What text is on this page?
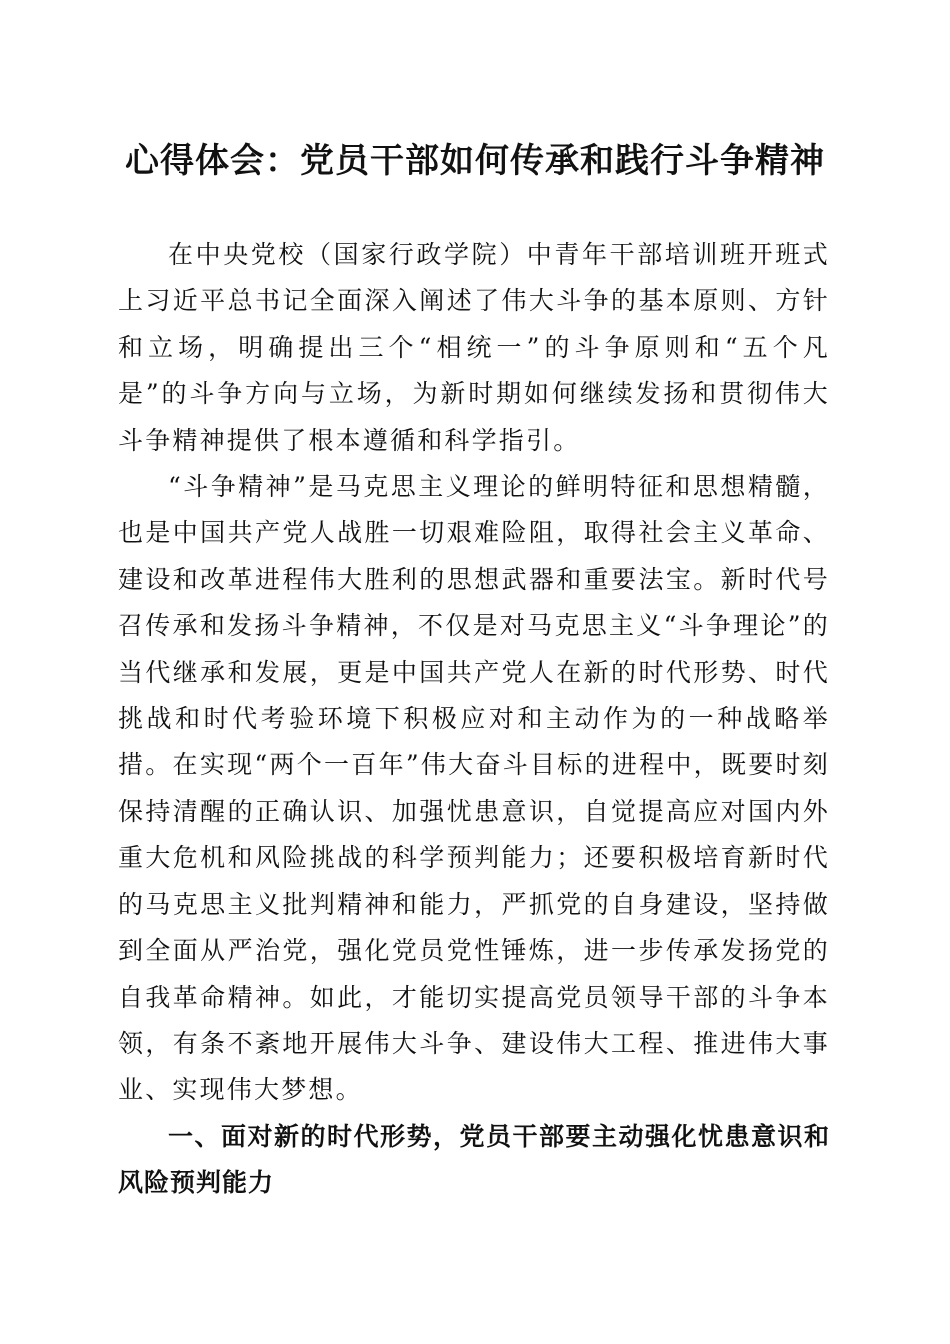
心得体会：党员干部如何传承和践行斗争精神

在中央党校（国家行政学院）中青年干部培训班开班式上习近平总书记全面深入阐述了伟大斗争的基本原则、方针和立场，明确提出三个“相统一”的斗争原则和“五个凡是”的斗争方向与立场，为新时期如何继续发扬和贯彻伟大斗争精神提供了根本遵循和科学指引。

“斗争精神”是马克思主义理论的鲜明特征和思想精髓，也是中国共产党人战胜一切艰难险阻，取得社会主义革命、建设和改革进程伟大胜利的思想武器和重要法宝。新时代号召传承和发扬斗争精神，不仅是对马克思主义“斗争理论”的当代继承和发展，更是中国共产党人在新的时代形势、时代挑战和时代考验环境下积极应对和主动作为的一种战略举措。在实现“两个一百年”伟大奋斗目标的进程中，既要时刻保持清醒的正确认识、加强忧患意识，自觉提高应对国内外重大危机和风险挑战的科学预判能力；还要积极培育新时代的马克思主义批判精神和能力，严抓党的自身建设，坚持做到全面从严治党，强化党员党性锤炼，进一步传承发扬党的自我革命精神。如此，才能切实提高党员领导干部的斗争本领，有条不紊地开展伟大斗争、建设伟大工程、推进伟大事业、实现伟大梦想。

一、面对新的时代形势，党员干部要主动强化忧患意识和风险预判能力
